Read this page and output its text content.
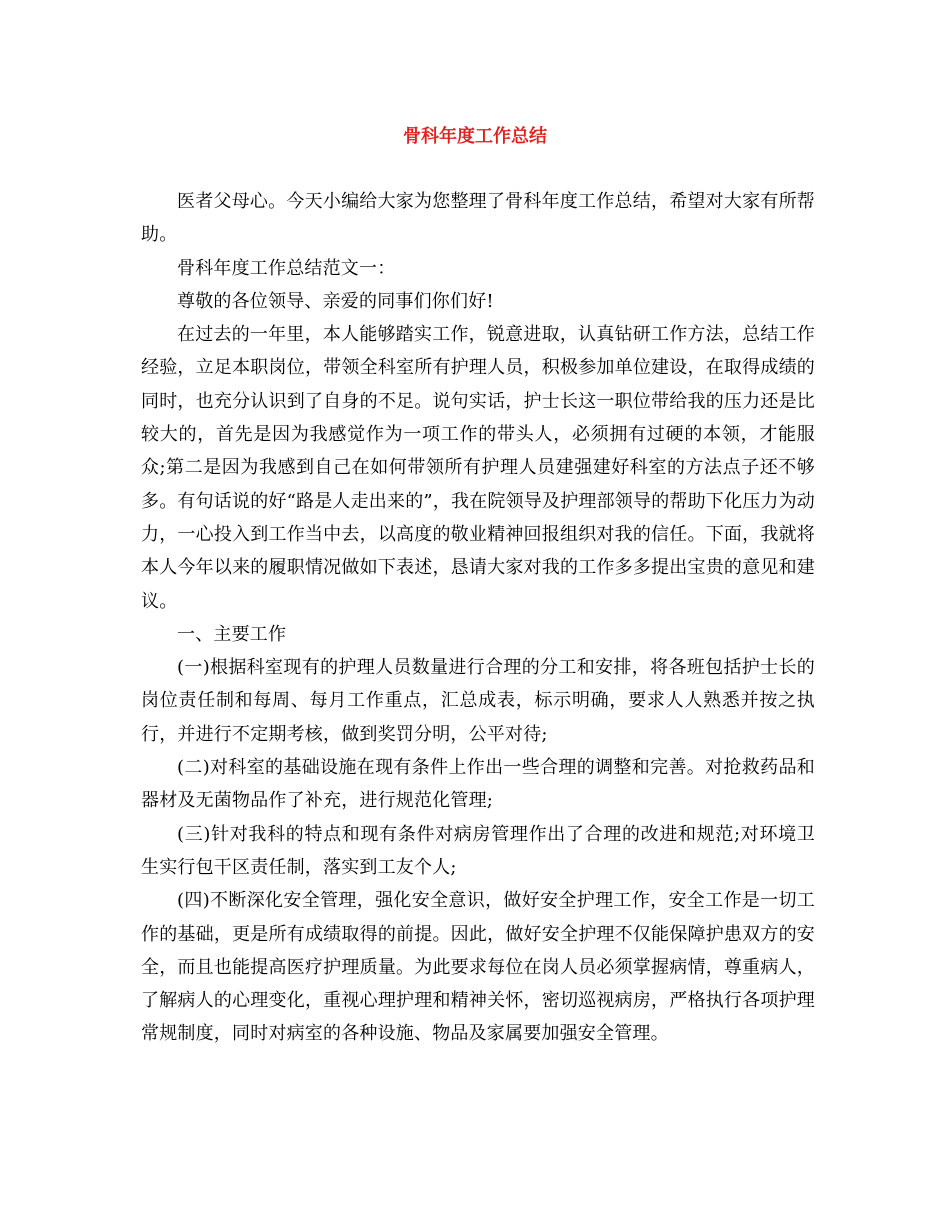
骨科年度工作总结

医者父母心。今天小编给大家为您整理了骨科年度工作总结，希望对大家有所帮助。

骨科年度工作总结范文一：

尊敬的各位领导、亲爱的同事们你们好!

在过去的一年里，本人能够踏实工作，锐意进取，认真钻研工作方法，总结工作经验，立足本职岗位，带领全科室所有护理人员，积极参加单位建设，在取得成绩的同时，也充分认识到了自身的不足。说句实话，护士长这一职位带给我的压力还是比较大的，首先是因为我感觉作为一项工作的带头人，必须拥有过硬的本领，才能服众;第二是因为我感到自己在如何带领所有护理人员建强建好科室的方法点子还不够多。有句话说的好“路是人走出来的”，我在院领导及护理部领导的帮助下化压力为动力，一心投入到工作当中去，以高度的敬业精神回报组织对我的信任。下面，我就将本人今年以来的履职情况做如下表述，恳请大家对我的工作多多提出宝贵的意见和建议。

一、主要工作

(一)根据科室现有的护理人员数量进行合理的分工和安排，将各班包括护士长的岗位责任制和每周、每月工作重点，汇总成表，标示明确，要求人人熟悉并按之执行，并进行不定期考核，做到奖罚分明，公平对待;

(二)对科室的基础设施在现有条件上作出一些合理的调整和完善。对抢救药品和器材及无菌物品作了补充，进行规范化管理;

(三)针对我科的特点和现有条件对病房管理作出了合理的改进和规范;对环境卫生实行包干区责任制，落实到工友个人;

(四)不断深化安全管理，强化安全意识，做好安全护理工作，安全工作是一切工作的基础，更是所有成绩取得的前提。因此，做好安全护理不仅能保障护患双方的安全，而且也能提高医疗护理质量。为此要求每位在岗人员必须掌握病情，尊重病人，了解病人的心理变化，重视心理护理和精神关怀，密切巡视病房，严格执行各项护理常规制度，同时对病室的各种设施、物品及家属要加强安全管理。
